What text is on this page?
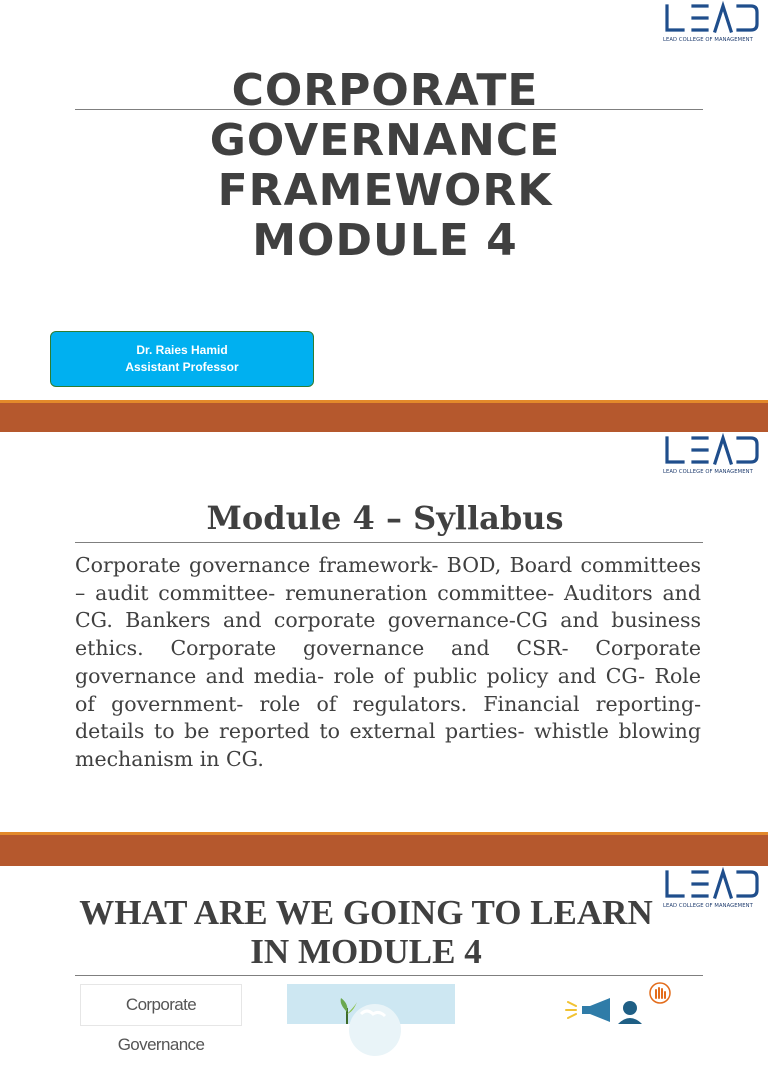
LEAD COLLEGE OF MANAGEMENT
CORPORATE
GOVERNANCE
FRAMEWORK
MODULE 4
Dr. Raies Hamid
Assistant Professor
LEAD COLLEGE OF MANAGEMENT
Module 4 – Syllabus

Corporate governance framework- BOD, Board committees – audit committee- remuneration committee- Auditors and CG. Bankers and corporate governance-CG and business ethics. Corporate governance and CSR- Corporate governance and media- role of public policy and CG- Role of government- role of regulators. Financial reporting-details to be reported to external parties- whistle blowing mechanism in CG.

LEAD COLLEGE OF MANAGEMENT
WHAT ARE WE GOING TO LEARN
IN MODULE 4
Corporate Governance
